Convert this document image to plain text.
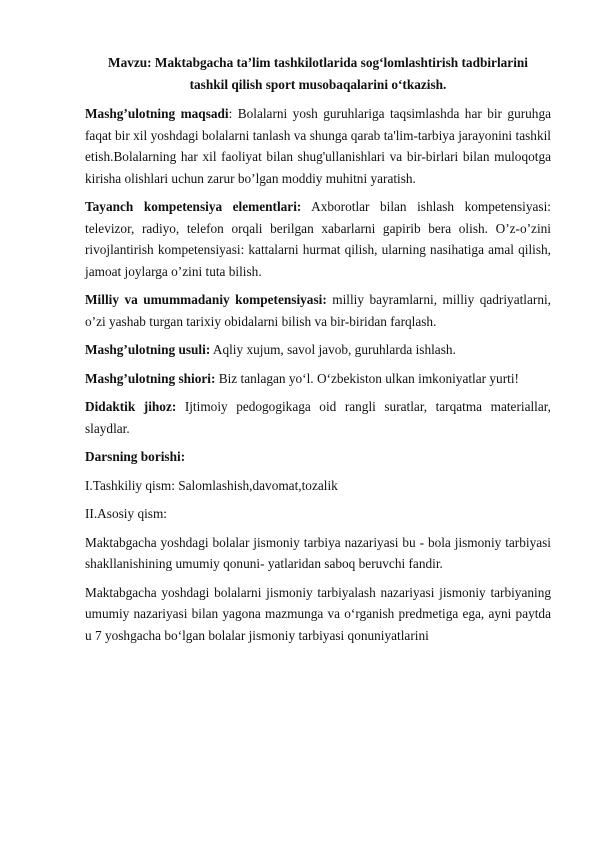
Mavzu: Maktabgacha ta’lim tashkilotlarida sog‘lomlashtirish tadbirlarini
tashkil qilish sport musobaqalarini o‘tkazish.

Mashg’ulotning maqsadi: Bolalarni yosh guruhlariga taqsimlashda har bir guruhga faqat bir xil yoshdagi bolalarni tanlash va shunga qarab ta'lim-tarbiya jarayonini tashkil etish.Bolalarning har xil faoliyat bilan shug'ullanishlari va bir-birlari bilan muloqotga kirisha olishlari uchun zarur bo’lgan moddiy muhitni yaratish.

Tayanch kompetensiya elementlari: Axborotlar bilan ishlash kompetensiyasi: televizor, radiyo, telefon orqali berilgan xabarlarni gapirib bera olish. O’z-o’zini rivojlantirish kompetensiyasi: kattalarni hurmat qilish, ularning nasihatiga amal qilish, jamoat joylarga o’zini tuta bilish.

Milliy va umummadaniy kompetensiyasi: milliy bayramlarni, milliy qadriyatlarni, o’zi yashab turgan tarixiy obidalarni bilish va bir-biridan farqlash.

Mashg’ulotning usuli: Aqliy xujum, savol javob, guruhlarda ishlash.

Mashg’ulotning shiori: Biz tanlagan yo‘l. O‘zbekiston ulkan imkoniyatlar yurti!

Didaktik jihoz: Ijtimoiy pedogogikaga oid rangli suratlar, tarqatma materiallar, slaydlar.

Darsning borishi:

I.Tashkiliy qism: Salomlashish,davomat,tozalik

II.Asosiy qism:

Maktabgacha yoshdagi bolalar jismoniy tarbiya nazariyasi bu - bola jismoniy tarbiyasi shakllanishining umumiy qonuni- yatlaridan saboq beruvchi fandir.

Maktabgacha yoshdagi bolalarni jismoniy tarbiyalash nazariyasi jismoniy tarbiyaning umumiy nazariyasi bilan yagona mazmunga va o‘rganish predmetiga ega, ayni paytda u 7 yoshgacha bo‘lgan bolalar jismoniy tarbiyasi qonuniyatlarini
